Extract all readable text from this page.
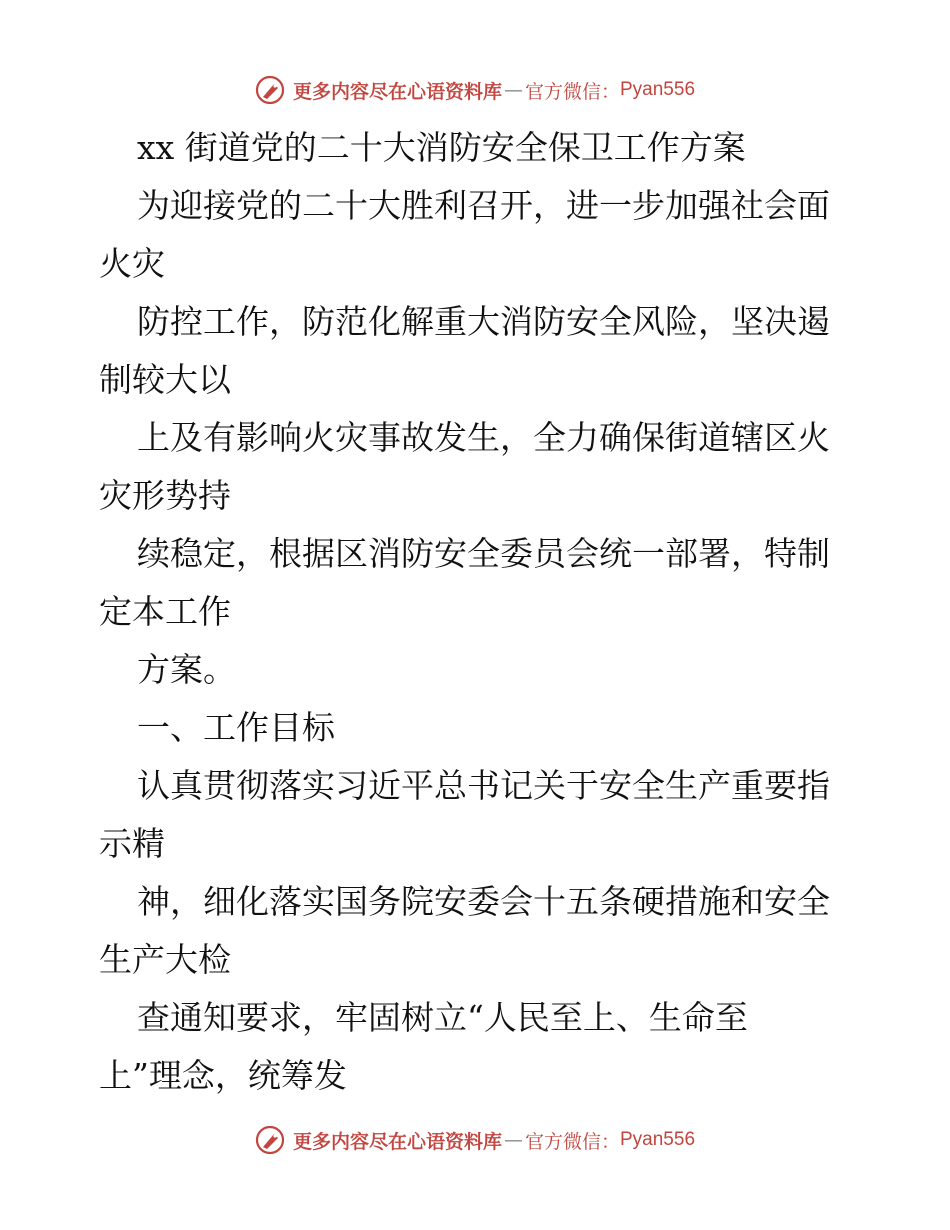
更多内容尽在心语资料库 — 官方微信： Pyan556
xx 街道党的二十大消防安全保卫工作方案
为迎接党的二十大胜利召开，进一步加强社会面
火灾
防控工作，防范化解重大消防安全风险，坚决遏
制较大以
上及有影响火灾事故发生，全力确保街道辖区火
灾形势持
续稳定，根据区消防安全委员会统一部署，特制
定本工作
方案。
一、工作目标
认真贯彻落实习近平总书记关于安全生产重要指
示精
神，细化落实国务院安委会十五条硬措施和安全
生产大检
查通知要求，牢固树立“人民至上、生命至
上”理念，统筹发
更多内容尽在心语资料库 — 官方微信： Pyan556
